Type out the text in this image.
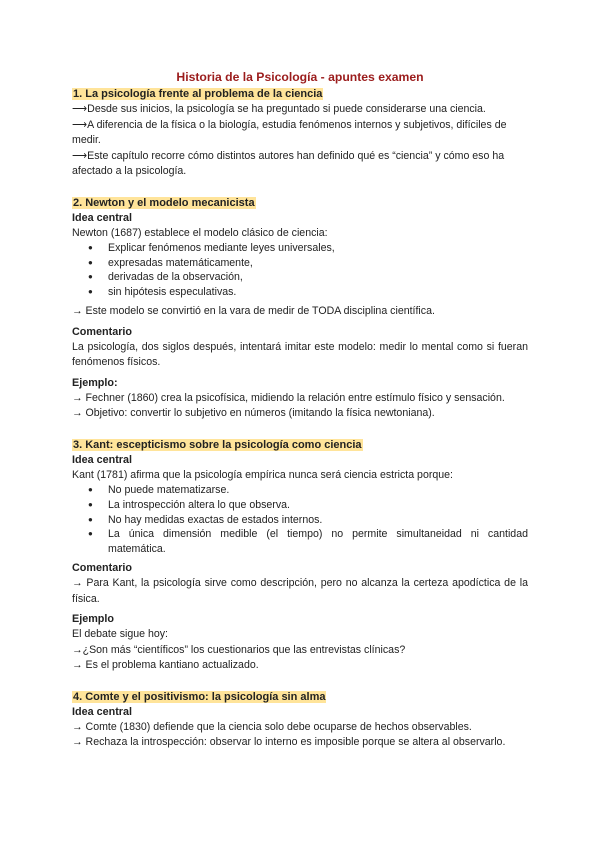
Historia de la Psicología - apuntes examen
1. La psicología frente al problema de la ciencia

⟶Desde sus inicios, la psicología se ha preguntado si puede considerarse una ciencia.

⟶A diferencia de la física o la biología, estudia fenómenos internos y subjetivos, difíciles de medir.

⟶Este capítulo recorre cómo distintos autores han definido qué es “ciencia” y cómo eso ha afectado a la psicología.

2. Newton y el modelo mecanicista
Idea central

Newton (1687) establece el modelo clásico de ciencia:

● Explicar fenómenos mediante leyes universales,
● expresadas matemáticamente,
● derivadas de la observación,
● sin hipótesis especulativas.

→ Este modelo se convirtió en la vara de medir de TODA disciplina científica.

Comentario

La psicología, dos siglos después, intentará imitar este modelo: medir lo mental como si fueran fenómenos físicos.

Ejemplo:

→ Fechner (1860) crea la psicofísica, midiendo la relación entre estímulo físico y sensación.

→ Objetivo: convertir lo subjetivo en números (imitando la física newtoniana).

3. Kant: escepticismo sobre la psicología como ciencia
Idea central

Kant (1781) afirma que la psicología empírica nunca será ciencia estricta porque:

● No puede matematizarse.
● La introspección altera lo que observa.
● No hay medidas exactas de estados internos.
● La única dimensión medible (el tiempo) no permite simultaneidad ni cantidad matemática.
Comentario

→ Para Kant, la psicología sirve como descripción, pero no alcanza la certeza apodíctica de la física.

Ejemplo

El debate sigue hoy:

→¿Son más “científicos” los cuestionarios que las entrevistas clínicas?

→ Es el problema kantiano actualizado.

4. Comte y el positivismo: la psicología sin alma
Idea central

→ Comte (1830) defiende que la ciencia solo debe ocuparse de hechos observables.

→ Rechaza la introspección: observar lo interno es imposible porque se altera al observarlo.
